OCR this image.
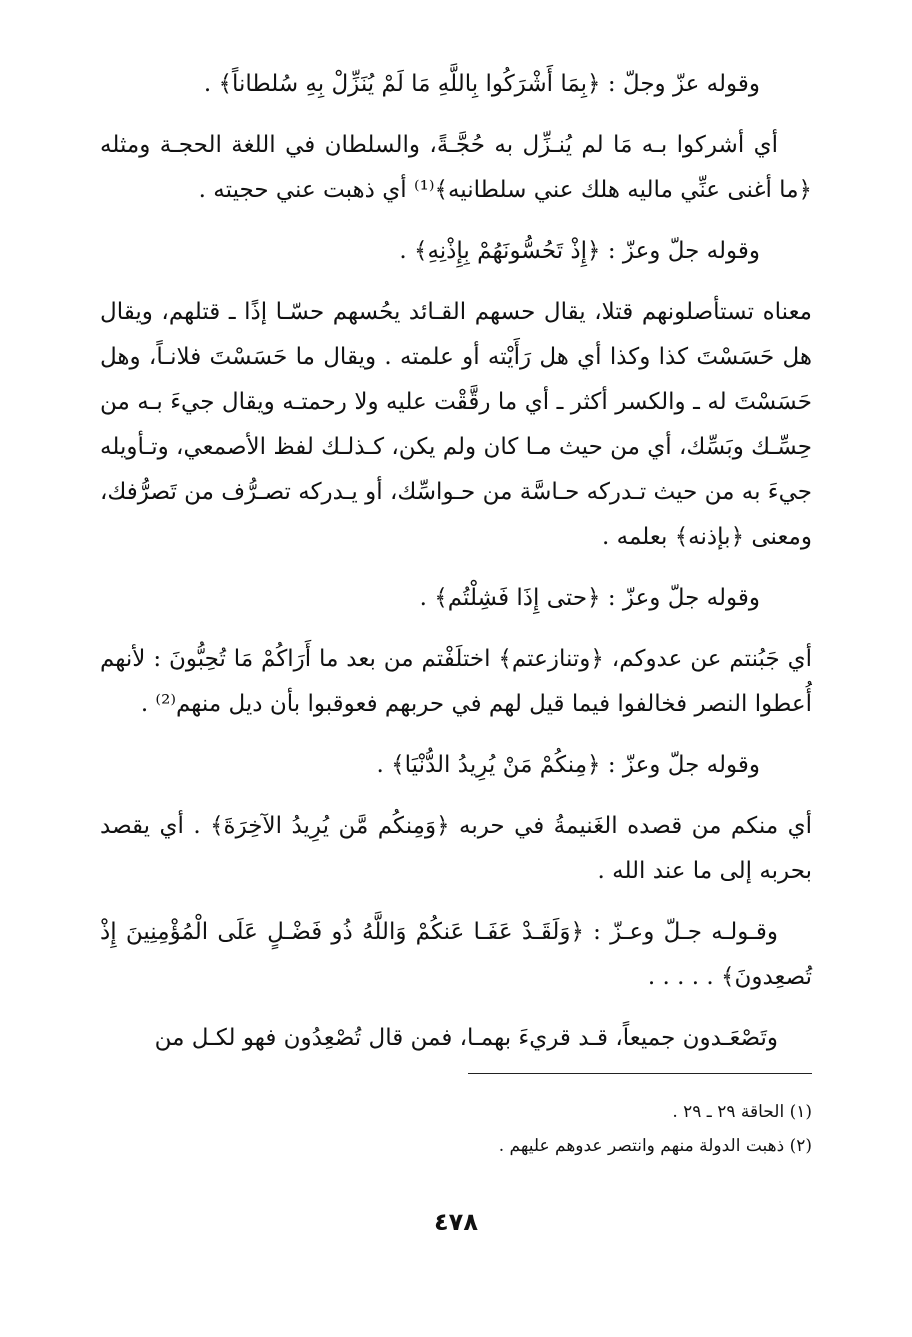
وقوله عزّ وجلّ : ﴿بِمَا أَشْرَكُوا بِاللَّهِ مَا لَمْ يُنَزِّلْ بِهِ سُلطاناً﴾ .

أي أشركوا بـه مَا لم يُنـزِّل به حُجَّـةً، والسلطان في اللغة الحجـة ومثله ﴿ما أغنى عنِّي ماليه هلك عني سلطانيه﴾⁽¹⁾ أي ذهبت عني حجيته .

وقوله جلّ وعزّ : ﴿إِذْ تَحُسُّونَهُمْ بِإِذْنِهِ﴾ .

معناه تستأصلونهم قتلا، يقال حسهم القـائد يحُسهم حسّـا إذًا ـ قتلهم، ويقال هل حَسَسْتَ كذا وكذا أي هل رَأَيْته أو علمته . ويقال ما حَسَسْتَ فلانـاً، وهل حَسَسْتَ له ـ والكسر أكثر ـ أي ما رقَّقْت عليه ولا رحمتـه ويقال جيءَ بـه من حِسِّـك وبَسِّك، أي من حيث مـا كان ولم يكن، كـذلـك لفظ الأصمعي، وتـأويله جيءَ به من حيث تـدركه حـاسَّة من حـواسِّك، أو يـدركه تصـرُّف من تَصرُّفك، ومعنى ﴿بإذنه﴾ بعلمه .

وقوله جلّ وعزّ : ﴿حتى إِذَا فَشِلْتُم﴾ .

أي جَبُنتم عن عدوكم، ﴿وتنازعتم﴾ اختلَفْتم من بعد ما أَرَاكُمْ مَا تُحِبُّونَ : لأنهم أُعطوا النصر فخالفوا فيما قيل لهم في حربهم فعوقبوا بأن ديل منهم⁽²⁾ .

وقوله جلّ وعزّ : ﴿مِنكُمْ مَنْ يُرِيدُ الدُّنْيَا﴾ .

أي منكم من قصده الغَنيمةُ في حربه ﴿وَمِنكُم مَّن يُرِيدُ الآخِرَةَ﴾ . أي يقصد بحربه إلى ما عند الله .

وقـولـه جـلّ وعـزّ : ﴿وَلَقَـدْ عَفَـا عَنكُمْ وَاللَّهُ ذُو فَضْـلٍ عَلَى الْمُؤْمِنِينَ إِذْ تُصعِدونَ﴾ . . . . .

وتَصْعَـدون جميعاً، قـد قريءَ بهمـا، فمن قال تُصْعِدُون فهو لكـل من

(١) الحاقة ٢٩ ـ ٢٩ .

(٢) ذهبت الدولة منهم وانتصر عدوهم عليهم .

٤٧٨
